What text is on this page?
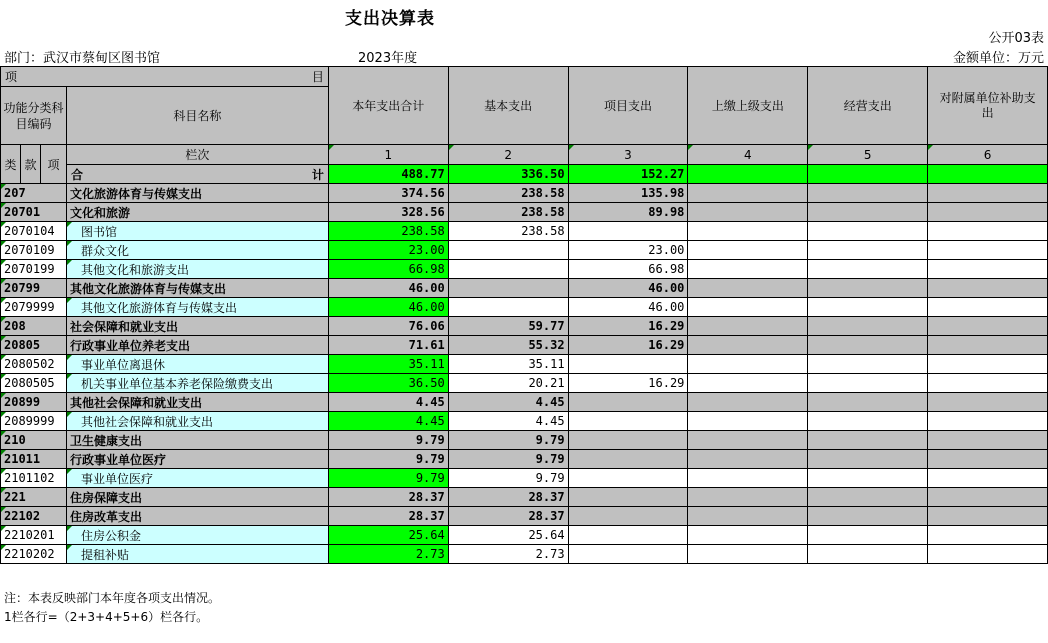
支出决算表
公开03表
部门：武汉市蔡甸区图书馆	2023年度	金额单位：万元
项 目				本年支出合计	基本支出	项目支出	上缴上级支出	经营支出	对附属单位补助支出
功能分类科目编码			科目名称						

类	款	项	栏次	1	2	3	4	5	6
			合 计	488.77	336.50	152.27			
207			文化旅游体育与传媒支出	374.56	238.58	135.98			
20701			文化和旅游	328.56	238.58	89.98			
2070104			图书馆	238.58	238.58				
2070109			群众文化	23.00		23.00			
2070199			其他文化和旅游支出	66.98		66.98			
20799			其他文化旅游体育与传媒支出	46.00		46.00			
2079999			其他文化旅游体育与传媒支出	46.00		46.00			
208			社会保障和就业支出	76.06	59.77	16.29			
20805			行政事业单位养老支出	71.61	55.32	16.29			
2080502			事业单位离退休	35.11	35.11				
2080505			机关事业单位基本养老保险缴费支出	36.50	20.21	16.29			
20899			其他社会保障和就业支出	4.45	4.45				
2089999			其他社会保障和就业支出	4.45	4.45				
210			卫生健康支出	9.79	9.79				
21011			行政事业单位医疗	9.79	9.79				
2101102			事业单位医疗	9.79	9.79				
221			住房保障支出	28.37	28.37				
22102			住房改革支出	28.37	28.37				
2210201			住房公积金	25.64	25.64				
2210202			提租补贴	2.73	2.73				
注：本表反映部门本年度各项支出情况。
1栏各行=（2+3+4+5+6）栏各行。
